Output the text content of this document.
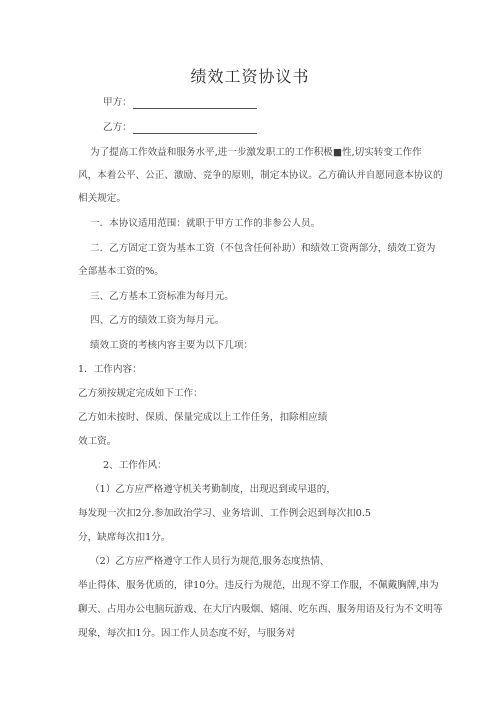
绩效工资协议书
甲方：
乙方：
为了提高工作效益和服务水平,进一步激发职工的工作积极■性,切实转变工作作
风，本着公平、公正、激励、竞争的原则，制定本协议。乙方确认并自愿同意本协议的
相关规定。
一．本协议适用范围：就职于甲方工作的非参公人员。
二．乙方固定工资为基本工资（不包含任何补助）和绩效工资两部分，绩效工资为
全部基本工资的%。
三、乙方基本工资标准为每月元。
四、乙方的绩效工资为每月元。
绩效工资的考核内容主要为以下几项：
1．工作内容：
乙方须按规定完成如下工作：
乙方如未按时、保质、保量完成以上工作任务，扣除相应绩
效工资。
2、工作作风：
（1）乙方应严格遵守机关考勤制度，出现迟到或早退的，
每发现一次扣2分.参加政治学习、业务培训、工作例会迟到每次扣0.5
分，缺席每次扣1分。
（2）乙方应严格遵守工作人员行为规范,服务态度热情、
举止得体、服务优质的，律10分。违反行为规范，出现不穿工作服，不佩戴胸牌,串为
聊天、占用办公电脑玩游戏、在大厅内吸烟、嬉闹、吃东西、服务用语及行为不文明等
现象，每次扣1分。因工作人员态度不好，与服务对
